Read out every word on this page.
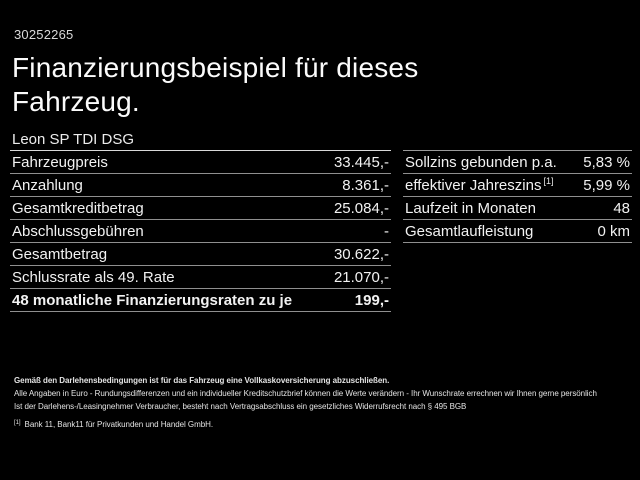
30252265
Finanzierungsbeispiel für dieses
Fahrzeug.
Leon SP TDI DSG
Fahrzeugpreis	33.445,-
Anzahlung	8.361,-
Gesamtkreditbetrag	25.084,-
Abschlussgebühren	-
Gesamtbetrag	30.622,-
Schlussrate als 49. Rate	21.070,-
48 monatliche Finanzierungsraten zu je	199,-
Sollzins gebunden p.a. 5,83 %
effektiver Jahreszins [1] 5,99 %
Laufzeit in Monaten	48
Gesamtlaufleistung	0 km
Gemäß den Darlehensbedingungen ist für das Fahrzeug eine Vollkaskoversicherung abzuschließen.
Alle Angaben in Euro - Rundungsdifferenzen und ein individueller Kreditschutzbrief können die Werte verändern - Ihr Wunschrate errechnen wir Ihnen gerne persönlich
Ist der Darlehens-/Leasingnehmer Verbraucher, besteht nach Vertragsabschluss ein gesetzliches Widerrufsrecht nach § 495 BGB
[1] Bank 11, Bank11 für Privatkunden und Handel GmbH.
